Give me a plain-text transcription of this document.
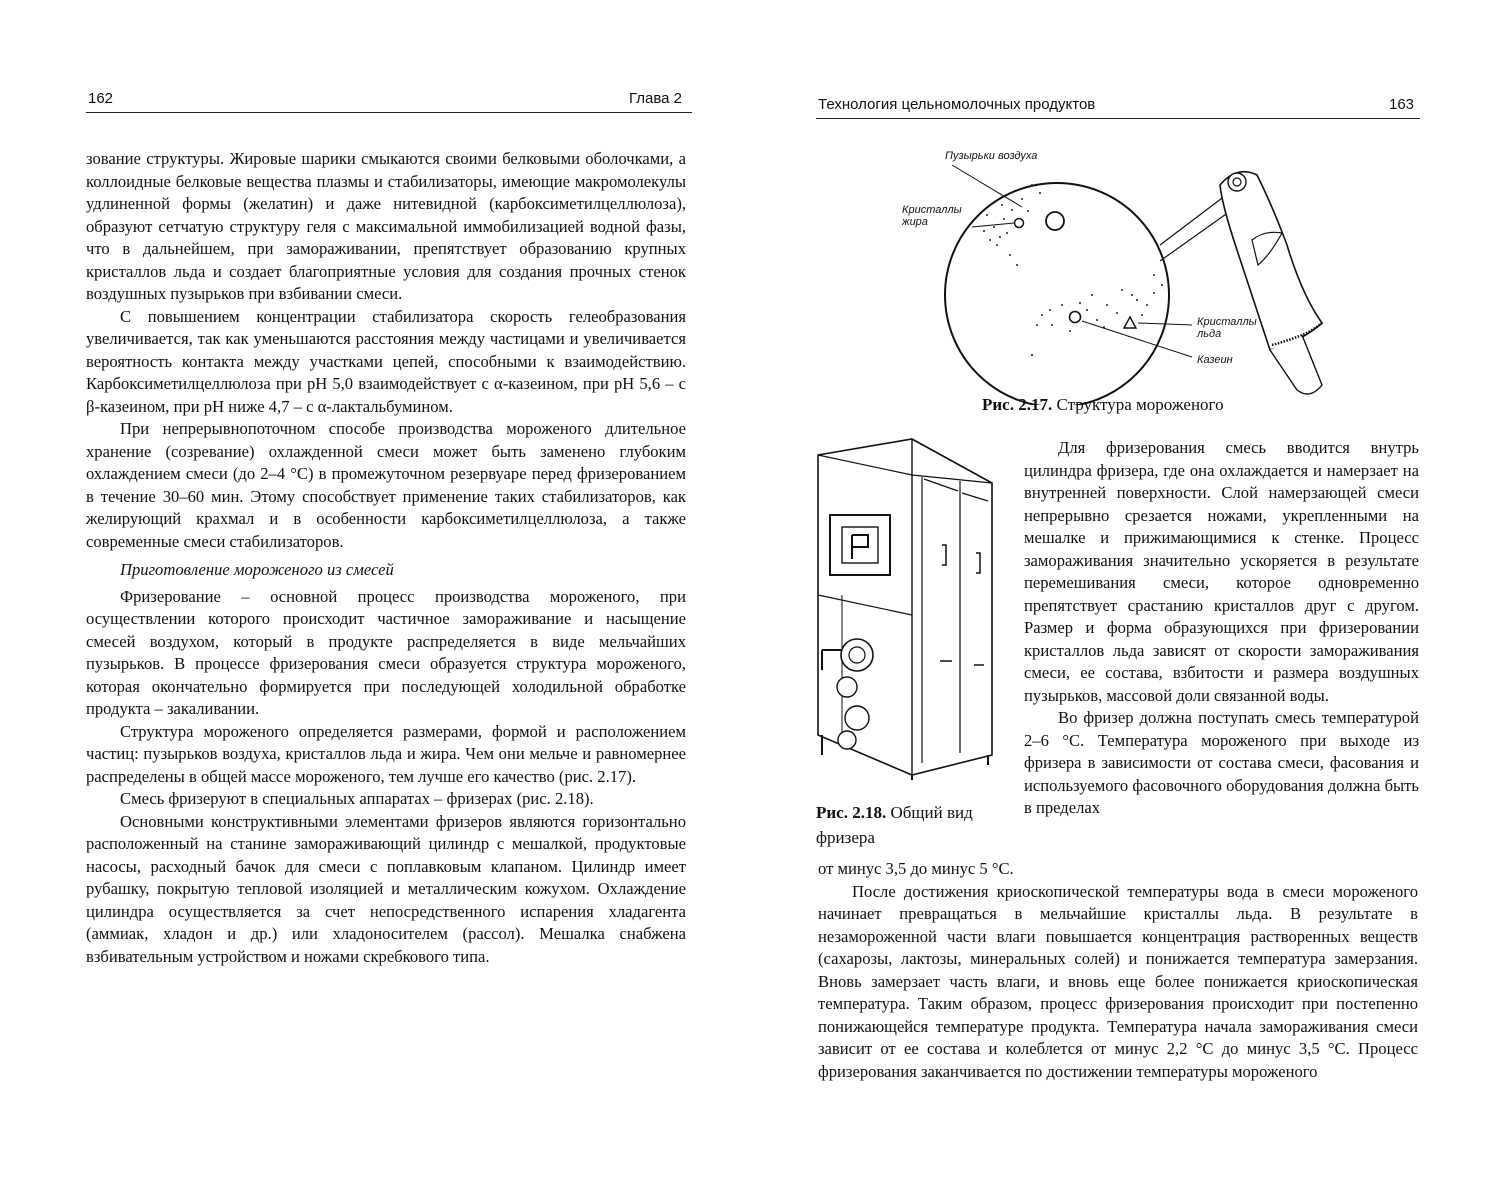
162	Глава 2

зование структуры. Жировые шарики смыкаются своими белковыми оболочками, а коллоидные белковые вещества плазмы и стабилизаторы, имеющие макромолекулы удлиненной формы (желатин) и даже нитевидной (карбоксиметилцеллюлоза), образуют сетчатую структуру геля с максимальной иммобилизацией водной фазы, что в дальнейшем, при замораживании, препятствует образованию крупных кристаллов льда и создает благоприятные условия для создания прочных стенок воздушных пузырьков при взбивании смеси.

С повышением концентрации стабилизатора скорость гелеобразования увеличивается, так как уменьшаются расстояния между частицами и увеличивается вероятность контакта между участками цепей, способными к взаимодействию. Карбоксиметилцеллюлоза при pH 5,0 взаимодействует с α-казеином, при pH 5,6 – с β-казеином, при pH ниже 4,7 – с α-лактальбумином.

При непрерывнопоточном способе производства мороженого длительное хранение (созревание) охлажденной смеси может быть заменено глубоким охлаждением смеси (до 2–4 °С) в промежуточном резервуаре перед фризерованием в течение 30–60 мин. Этому способствует применение таких стабилизаторов, как желирующий крахмал и в особенности карбоксиметилцеллюлоза, а также современные смеси стабилизаторов.

Приготовление мороженого из смесей

Фризерование – основной процесс производства мороженого, при осуществлении которого происходит частичное замораживание и насыщение смесей воздухом, который в продукте распределяется в виде мельчайших пузырьков. В процессе фризерования смеси образуется структура мороженого, которая окончательно формируется при последующей холодильной обработке продукта – закаливании.

Структура мороженого определяется размерами, формой и расположением частиц: пузырьков воздуха, кристаллов льда и жира. Чем они мельче и равномернее распределены в общей массе мороженого, тем лучше его качество (рис. 2.17).

Смесь фризеруют в специальных аппаратах – фризерах (рис. 2.18).

Основными конструктивными элементами фризеров являются горизонтально расположенный на станине замораживающий цилиндр с мешалкой, продуктовые насосы, расходный бачок для смеси с поплавковым клапаном. Цилиндр имеет рубашку, покрытую тепловой изоляцией и металлическим кожухом. Охлаждение цилиндра осуществляется за счет непосредственного испарения хладагента (аммиак, хладон и др.) или хладоносителем (рассол). Мешалка снабжена взбивательным устройством и ножами скребкового типа.

Технология цельномолочных продуктов	163
Пузырьки воздуха
Кристаллы жира
Кристаллы льда
Казеин
Рис. 2.17. Структура мороженого
Рис. 2.18. Общий вид фризера

Для фризерования смесь вводится внутрь цилиндра фризера, где она охлаждается и намерзает на внутренней поверхности. Слой намерзающей смеси непрерывно срезается ножами, укрепленными на мешалке и прижимающимися к стенке. Процесс замораживания значительно ускоряется в результате перемешивания смеси, которое одновременно препятствует срастанию кристаллов друг с другом. Размер и форма образующихся при фризеровании кристаллов льда зависят от скорости замораживания смеси, ее состава, взбитости и размера воздушных пузырьков, массовой доли связанной воды.

Во фризер должна поступать смесь температурой 2–6 °С. Температура мороженого при выходе из фризера в зависимости от состава смеси, фасования и используемого фасовочного оборудования должна быть в пределах

от минус 3,5 до минус 5 °С.

После достижения криоскопической температуры вода в смеси мороженого начинает превращаться в мельчайшие кристаллы льда. В результате в незамороженной части влаги повышается концентрация растворенных веществ (сахарозы, лактозы, минеральных солей) и понижается температура замерзания. Вновь замерзает часть влаги, и вновь еще более понижается криоскопическая температура. Таким образом, процесс фризерования происходит при постепенно понижающейся температуре продукта. Температура начала замораживания смеси зависит от ее состава и колеблется от минус 2,2 °С до минус 3,5 °С. Процесс фризерования заканчивается по достижении температуры мороженого
